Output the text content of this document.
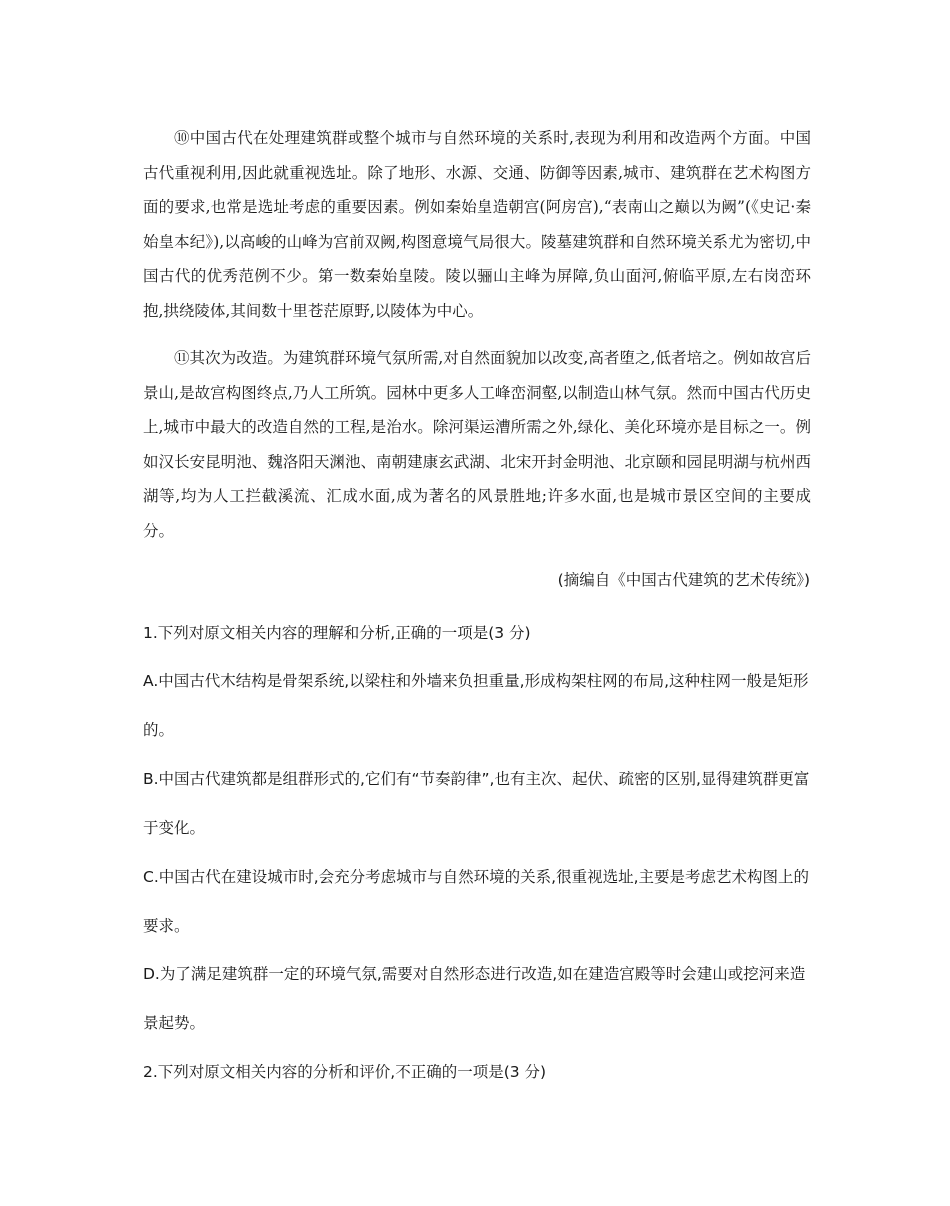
⑩中国古代在处理建筑群或整个城市与自然环境的关系时,表现为利用和改造两个方面。中国古代重视利用,因此就重视选址。除了地形、水源、交通、防御等因素,城市、建筑群在艺术构图方面的要求,也常是选址考虑的重要因素。例如秦始皇造朝宫(阿房宫),“表南山之巅以为阙”(《史记·秦始皇本纪》),以高峻的山峰为宫前双阙,构图意境气局很大。陵墓建筑群和自然环境关系尤为密切,中国古代的优秀范例不少。第一数秦始皇陵。陵以骊山主峰为屏障,负山面河,俯临平原,左右岗峦环抱,拱绕陵体,其间数十里苍茫原野,以陵体为中心。

⑪其次为改造。为建筑群环境气氛所需,对自然面貌加以改变,高者堕之,低者培之。例如故宫后景山,是故宫构图终点,乃人工所筑。园林中更多人工峰峦洞壑,以制造山林气氛。然而中国古代历史上,城市中最大的改造自然的工程,是治水。除河渠运漕所需之外,绿化、美化环境亦是目标之一。例如汉长安昆明池、魏洛阳天渊池、南朝建康玄武湖、北宋开封金明池、北京颐和园昆明湖与杭州西湖等,均为人工拦截溪流、汇成水面,成为著名的风景胜地;许多水面,也是城市景区空间的主要成分。

(摘编自《中国古代建筑的艺术传统》)

1.下列对原文相关内容的理解和分析,正确的一项是(3 分)

A.中国古代木结构是骨架系统,以梁柱和外墙来负担重量,形成构架柱网的布局,这种柱网一般是矩形的。

B.中国古代建筑都是组群形式的,它们有“节奏韵律”,也有主次、起伏、疏密的区别,显得建筑群更富于变化。

C.中国古代在建设城市时,会充分考虑城市与自然环境的关系,很重视选址,主要是考虑艺术构图上的要求。

D.为了满足建筑群一定的环境气氛,需要对自然形态进行改造,如在建造宫殿等时会建山或挖河来造景起势。

2.下列对原文相关内容的分析和评价,不正确的一项是(3 分)
